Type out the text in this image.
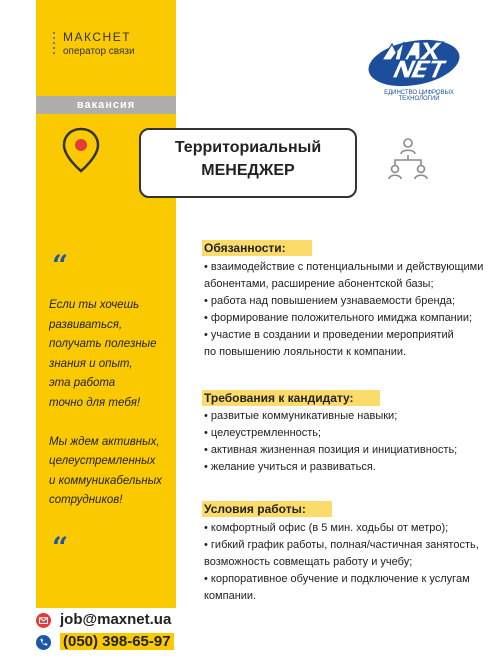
МАКСНЕТ
оператор связи
вакансия
Территориальный
МЕНЕДЖЕР
ЕДИНСТВО ЦИФРОВЫХ ТЕХНОЛОГИЙ
“

Если ты хочешь

развиваться,

получать полезные

знания и опыт,

эта работа

точно для тебя!

Мы ждем активных,

целеустремленных

и коммуникабельных

сотрудников!

“
Обязанности:
• взаимодействие с потенциальными и действующими
абонентами, расширение абонентской базы;
• работа над повышением узнаваемости бренда;
• формирование положительного имиджа компании;
• участие в создании и проведении мероприятий
по повышению лояльности к компании.
Требования к кандидату:
• развитые коммуникативные навыки;
• целеустремленность;
• активная жизненная позиция и инициативность;
• желание учиться и развиваться.
Условия работы:
• комфортный офис (в 5 мин. ходьбы от метро);
• гибкий график работы, полная/частичная занятость,
возможность совмещать работу и учебу;
• корпоративное обучение и подключение к услугам
компании.
job@maxnet.ua
(050) 398-65-97
